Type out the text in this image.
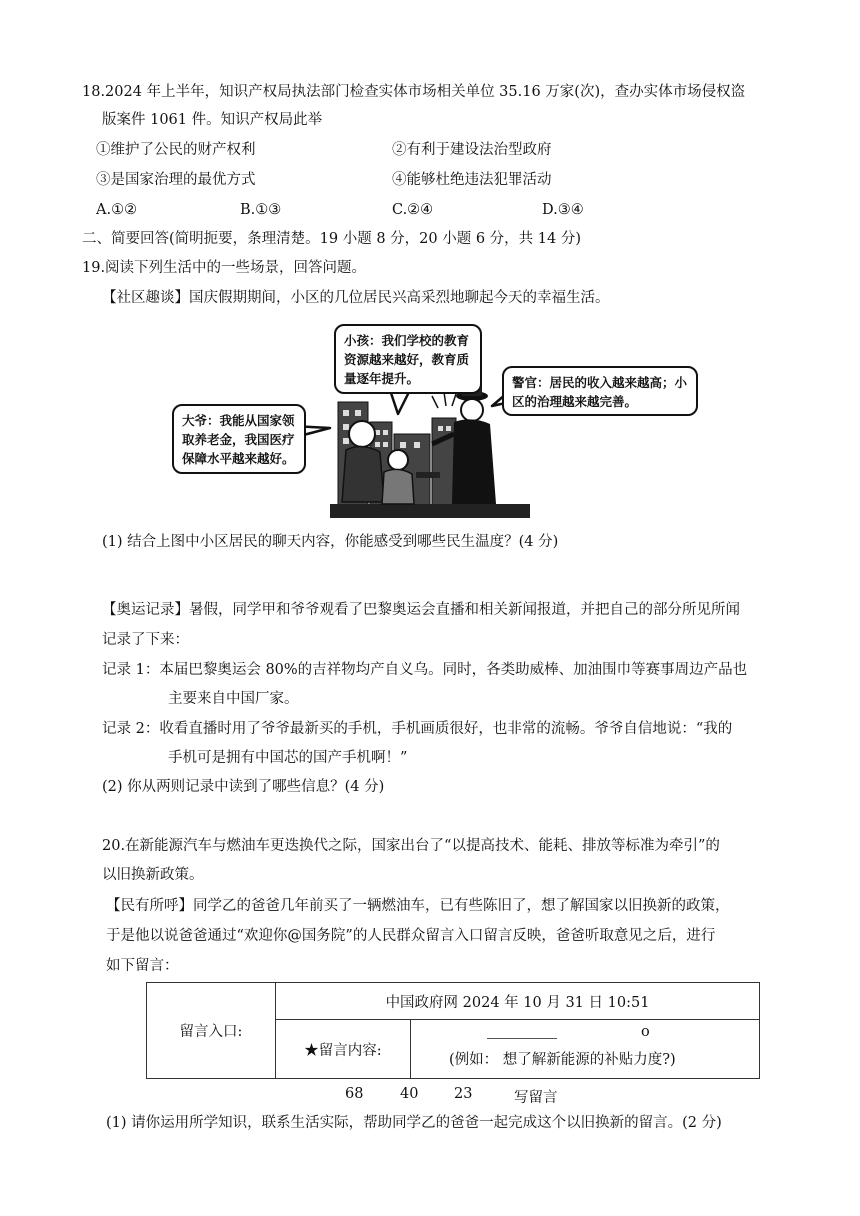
18.2024 年上半年，知识产权局执法部门检查实体市场相关单位 35.16 万家(次)，查办实体市场侵权盗
版案件 1061 件。知识产权局此举
①维护了公民的财产权利	②有利于建设法治型政府
③是国家治理的最优方式	④能够杜绝违法犯罪活动
A.①②	B.①③	C.②④	D.③④
二、简要回答(简明扼要，条理清楚。19 小题 8 分，20 小题 6 分，共 14 分)
19.阅读下列生活中的一些场景，回答问题。
【社区趣谈】国庆假期期间，小区的几位居民兴高采烈地聊起今天的幸福生活。
小孩：我们学校的教育资源越来越好，教育质量逐年提升。	警官：居民的收入越来越高；小区的治理越来越完善。
大爷：我能从国家领取养老金，我国医疗保障水平越来越好。
(1) 结合上图中小区居民的聊天内容，你能感受到哪些民生温度？(4 分)
【奥运记录】暑假，同学甲和爷爷观看了巴黎奥运会直播和相关新闻报道，并把自己的部分所见所闻
记录了下来：
记录 1：本届巴黎奥运会 80%的吉祥物均产自义乌。同时，各类助威棒、加油围巾等赛事周边产品也
主要来自中国厂家。
记录 2：收看直播时用了爷爷最新买的手机，手机画质很好，也非常的流畅。爷爷自信地说：“我的
手机可是拥有中国芯的国产手机啊！”
(2) 你从两则记录中读到了哪些信息？(4 分)
20.在新能源汽车与燃油车更迭换代之际，国家出台了“以提高技术、能耗、排放等标准为牵引”的
以旧换新政策。
【民有所呼】同学乙的爸爸几年前买了一辆燃油车，已有些陈旧了，想了解国家以旧换新的政策，
于是他以说爸爸通过“欢迎你@国务院”的人民群众留言入口留言反映，爸爸听取意见之后，进行
如下留言：
留言入口:	中国政府网 2024 年 10 月 31 日 10:51	
	★留言内容:	o
(例如： 想了解新能源的补贴力度?)
68	40 23	写留言
(1) 请你运用所学知识，联系生活实际，帮助同学乙的爸爸一起完成这个以旧换新的留言。(2 分)
